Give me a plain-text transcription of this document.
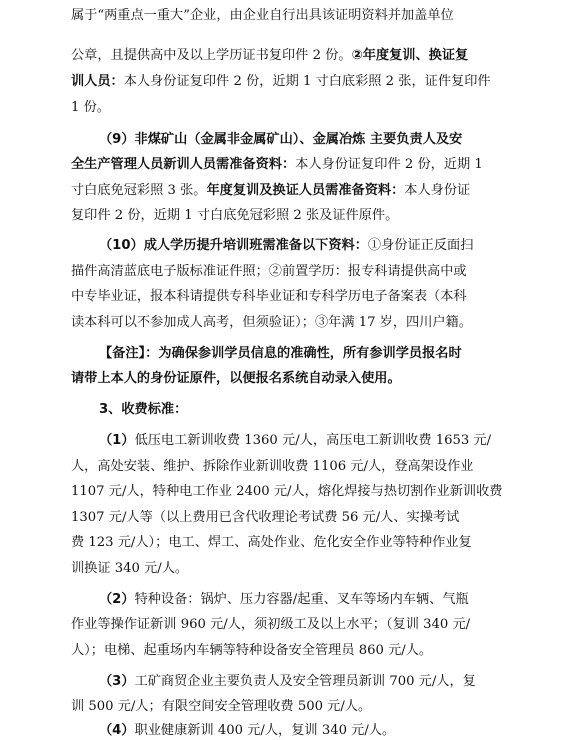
属于“两重点一重大”企业，由企业自行出具该证明资料并加盖单位
公章，且提供高中及以上学历证书复印件 2 份。②年度复训、换证复
训人员：本人身份证复印件 2 份，近期 1 寸白底彩照 2 张，证件复印件
1 份。
（9）非煤矿山（金属非金属矿山）、金属冶炼 主要负责人及安
全生产管理人员新训人员需准备资料：本人身份证复印件 2 份，近期 1
寸白底免冠彩照 3 张。年度复训及换证人员需准备资料：本人身份证
复印件 2 份，近期 1 寸白底免冠彩照 2 张及证件原件。
（10）成人学历提升培训班需准备以下资料：①身份证正反面扫
描件高清蓝底电子版标准证件照；②前置学历：报专科请提供高中或
中专毕业证，报本科请提供专科毕业证和专科学历电子备案表（本科
读本科可以不参加成人高考，但须验证）；③年满 17 岁，四川户籍。
【备注】：为确保参训学员信息的准确性，所有参训学员报名时
请带上本人的身份证原件，以便报名系统自动录入使用。
3、收费标准：
（1）低压电工新训收费 1360 元/人，高压电工新训收费 1653 元/
人，高处安装、维护、拆除作业新训收费 1106 元/人，登高架设作业
1107 元/人，特种电工作业 2400 元/人，熔化焊接与热切割作业新训收费
1307 元/人等（以上费用已含代收理论考试费 56 元/人、实操考试
费 123 元/人）；电工、焊工、高处作业、危化安全作业等特种作业复
训换证 340 元/人。
（2）特种设备：锅炉、压力容器/起重、叉车等场内车辆、气瓶
作业等操作证新训 960 元/人，须初级工及以上水平；（复训 340 元/
人）；电梯、起重场内车辆等特种设备安全管理员 860 元/人。
（3）工矿商贸企业主要负责人及安全管理员新训 700 元/人，复
训 500 元/人；有限空间安全管理收费 500 元/人。
（4）职业健康新训 400 元/人，复训 340 元/人。
